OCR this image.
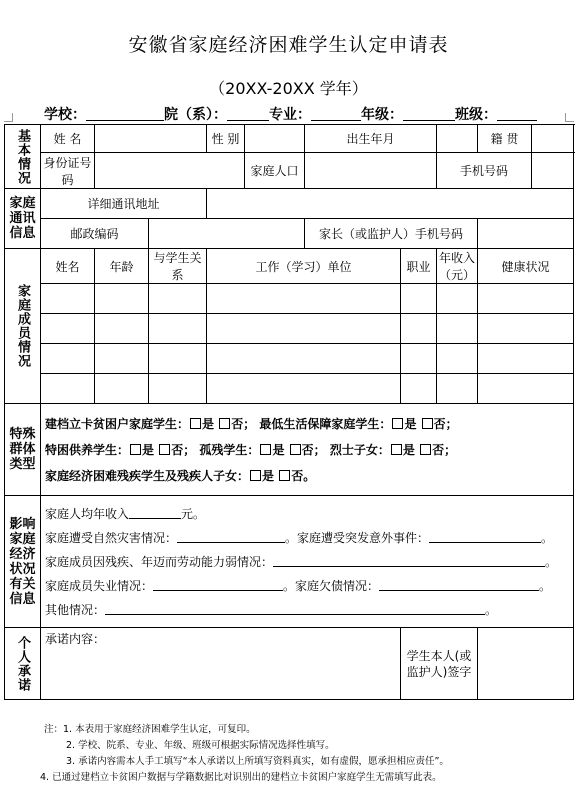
安徽省家庭经济困难学生认定申请表
（20XX-20XX 学年）
学校：	院（系）：	专业：	年级：	班级：
基本情况	姓 名			性 别		出生年月			籍 贯	
	身份证号 码				家庭人口			手机号码		

家庭通讯信息	详细通讯地址									
	邮政编码					家长（或监护人）手机号码				

家庭成员情况	姓名	年龄	与学生关系	工作（学习）单位			职业	年收入（元）	健康状况	

特殊群体类型	建档立卡贫困户家庭学生： 是 否； 最低生活保障家庭学生： 是 否；
特困供养学生： 是 否； 孤残学生： 是 否； 烈士子女： 是 否；
家庭经济困难残疾学生及残疾人子女： 是 否。									

影响家庭经济状况有关信息	家庭人均年收入 元。
家庭遭受自然灾害情况： 。家庭遭受突发意外事件： 。
家庭成员因残疾、年迈而劳动能力弱情况： 。
家庭成员失业情况： 。家庭欠债情况： 。
其他情况： 。									

个人承诺	承诺内容：						学生本人(或监护人)签字			
注：1. 本表用于家庭经济困难学生认定，可复印。
2. 学校、院系、专业、年级、班级可根据实际情况选择性填写。
3. 承诺内容需本人手工填写“本人承诺以上所填写资料真实，如有虚假，愿承担相应责任”。
4. 已通过建档立卡贫困户数据与学籍数据比对识别出的建档立卡贫困户家庭学生无需填写此表。
